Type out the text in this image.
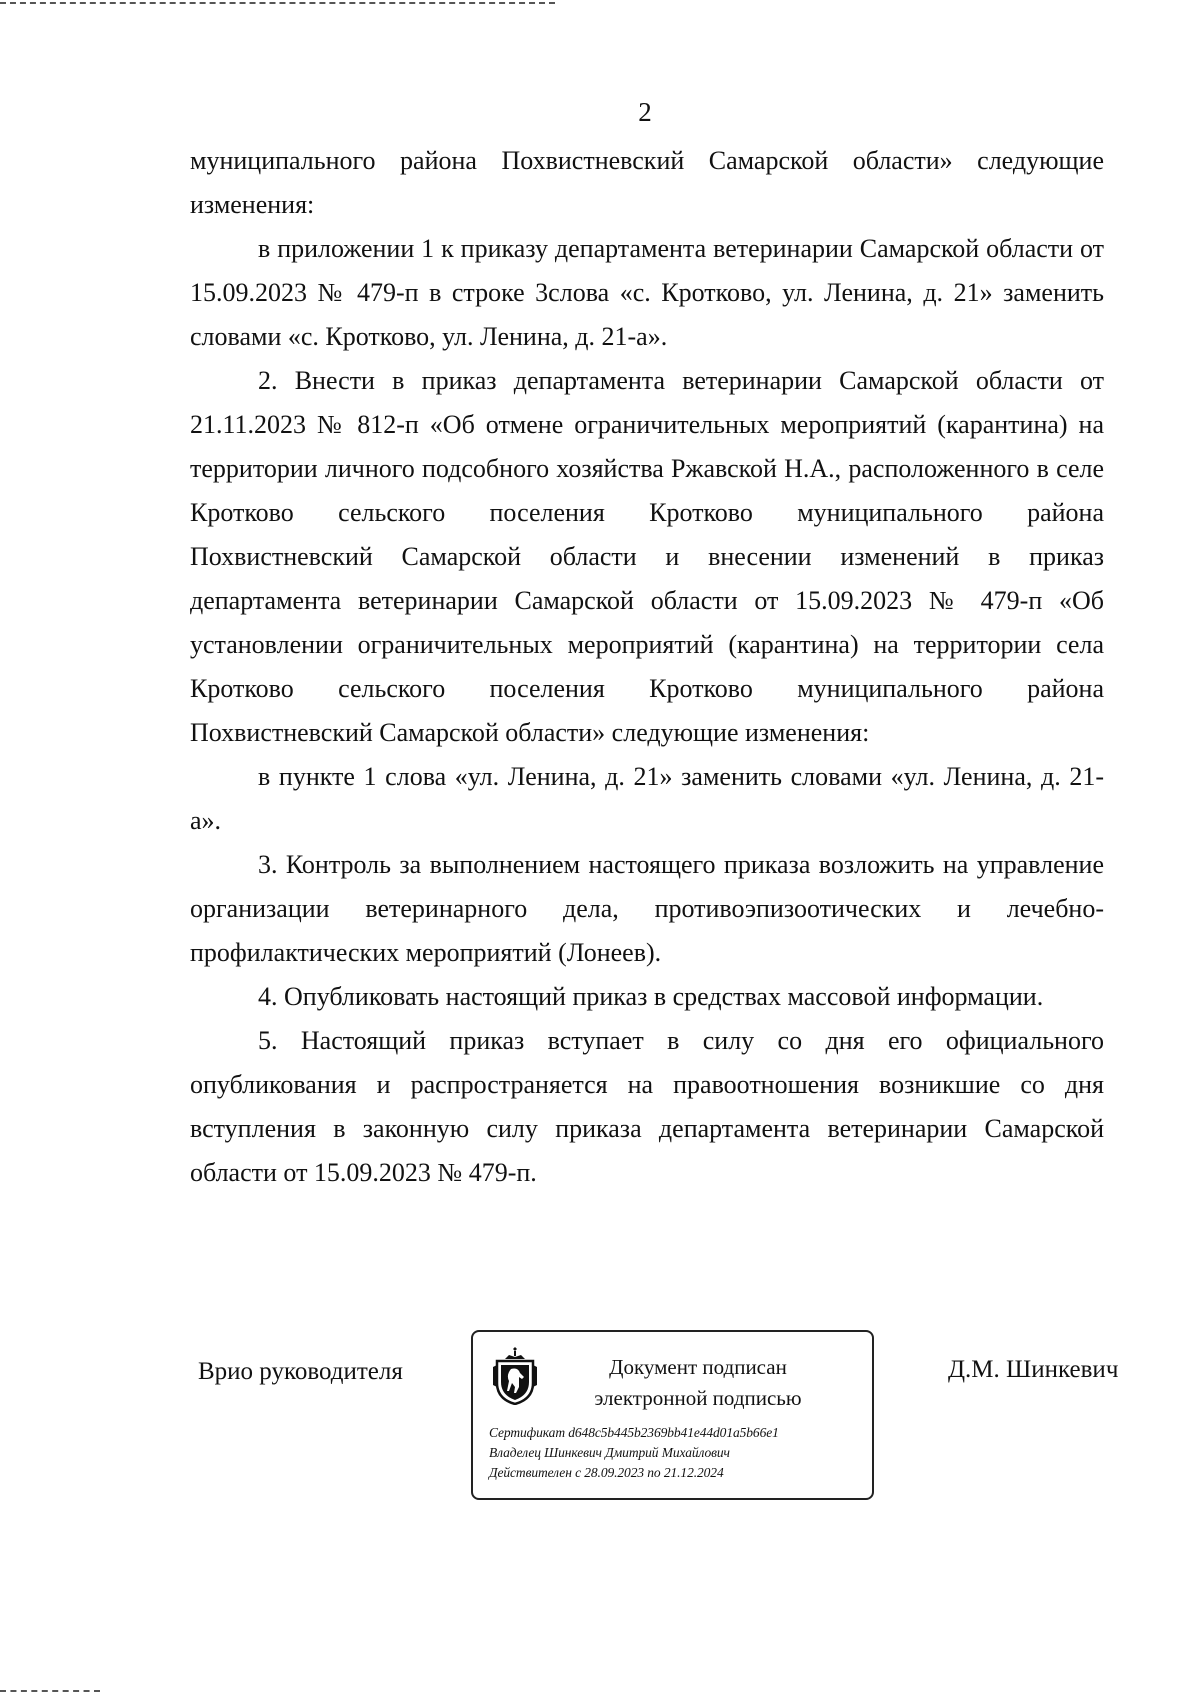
2

муниципального района Похвистневский Самарской области» следующие изменения:

в приложении 1 к приказу департамента ветеринарии Самарской области от 15.09.2023 № 479-п в строке 3слова «с. Кротково, ул. Ленина, д. 21» заменить словами «с. Кротково, ул. Ленина, д. 21-а».

2. Внести в приказ департамента ветеринарии Самарской области от 21.11.2023 № 812-п «Об отмене ограничительных мероприятий (карантина) на территории личного подсобного хозяйства Ржавской Н.А., расположенного в селе Кротково сельского поселения Кротково муниципального района Похвистневский Самарской области и внесении изменений в приказ департамента ветеринарии Самарской области от 15.09.2023 № 479-п «Об установлении ограничительных мероприятий (карантина) на территории села Кротково сельского поселения Кротково муниципального района Похвистневский Самарской области» следующие изменения:

в пункте 1 слова «ул. Ленина, д. 21» заменить словами «ул. Ленина, д. 21-а».

3. Контроль за выполнением настоящего приказа возложить на управление организации ветеринарного дела, противоэпизоотических и лечебно-профилактических мероприятий (Лонеев).

4. Опубликовать настоящий приказ в средствах массовой информации.

5. Настоящий приказ вступает в силу со дня его официального опубликования и распространяется на правоотношения возникшие со дня вступления в законную силу приказа департамента ветеринарии Самарской области от 15.09.2023 № 479-п.

Врио руководителя	Документ подписан
электронной подписью
Сертификат d648c5b445b2369bb41e44d01a5b66e1
Владелец Шинкевич Дмитрий Михайлович
Действителен с 28.09.2023 по 21.12.2024
Д.М. Шинкевич
